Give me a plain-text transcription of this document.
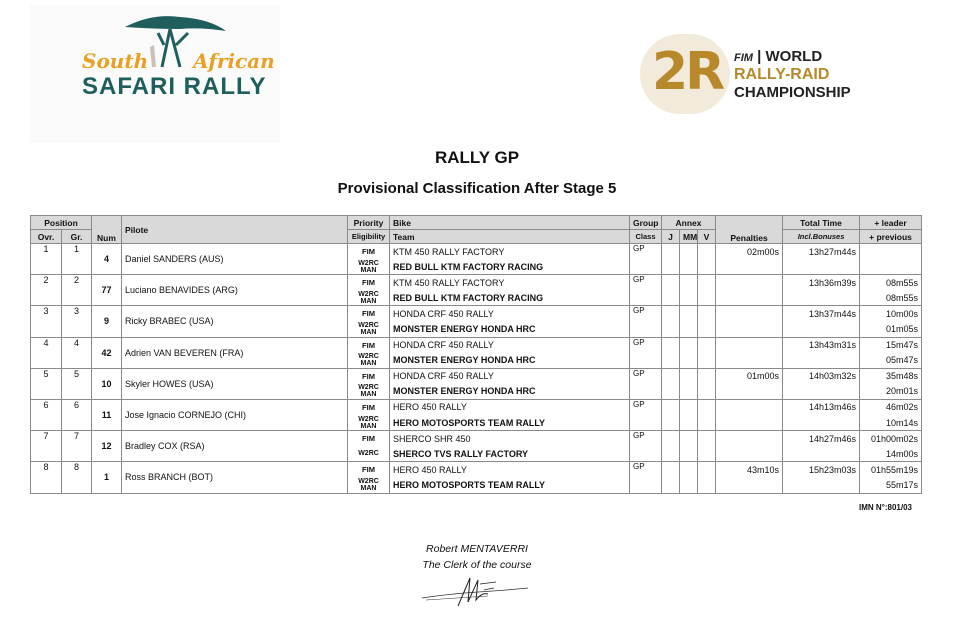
South African
SAFARI RALLY	2R FIM | WORLD
RALLY-RAID
CHAMPIONSHIP
RALLY GP
Provisional Classification After Stage 5
Position		Num	Pilote	Priority	Bike	Group	Annex			Penalties	Total Time	+ leader
Ovr.	Gr.			Eligibility	Team	Class	J	MM	V		Incl.Bonuses	+ previous
1	1	4	Daniel SANDERS (AUS)	FIM	KTM 450 RALLY FACTORY	GP				02m00s	13h27m44s	
				W2RC
MAN	RED BULL KTM FACTORY RACING							
2	2	77	Luciano BENAVIDES (ARG)	FIM	KTM 450 RALLY FACTORY	GP					13h36m39s	08m55s
				W2RC
MAN	RED BULL KTM FACTORY RACING							08m55s
3	3	9	Ricky BRABEC (USA)	FIM	HONDA CRF 450 RALLY	GP					13h37m44s	10m00s
				W2RC
MAN	MONSTER ENERGY HONDA HRC							01m05s
4	4	42	Adrien VAN BEVEREN (FRA)	FIM	HONDA CRF 450 RALLY	GP					13h43m31s	15m47s
				W2RC
MAN	MONSTER ENERGY HONDA HRC							05m47s
5	5	10	Skyler HOWES (USA)	FIM	HONDA CRF 450 RALLY	GP				01m00s	14h03m32s	35m48s
				W2RC
MAN	MONSTER ENERGY HONDA HRC							20m01s
6	6	11	Jose Ignacio CORNEJO (CHI)	FIM	HERO 450 RALLY	GP					14h13m46s	46m02s
				W2RC
MAN	HERO MOTOSPORTS TEAM RALLY							10m14s
7	7	12	Bradley COX (RSA)	FIM	SHERCO SHR 450	GP					14h27m46s	01h00m02s
				W2RC	SHERCO TVS RALLY FACTORY							14m00s
8	8	1	Ross BRANCH (BOT)	FIM	HERO 450 RALLY	GP				43m10s	15h23m03s	01h55m19s
				W2RC
MAN	HERO MOTOSPORTS TEAM RALLY							55m17s
IMN N°:801/03
Robert MENTAVERRI
The Clerk of the course
